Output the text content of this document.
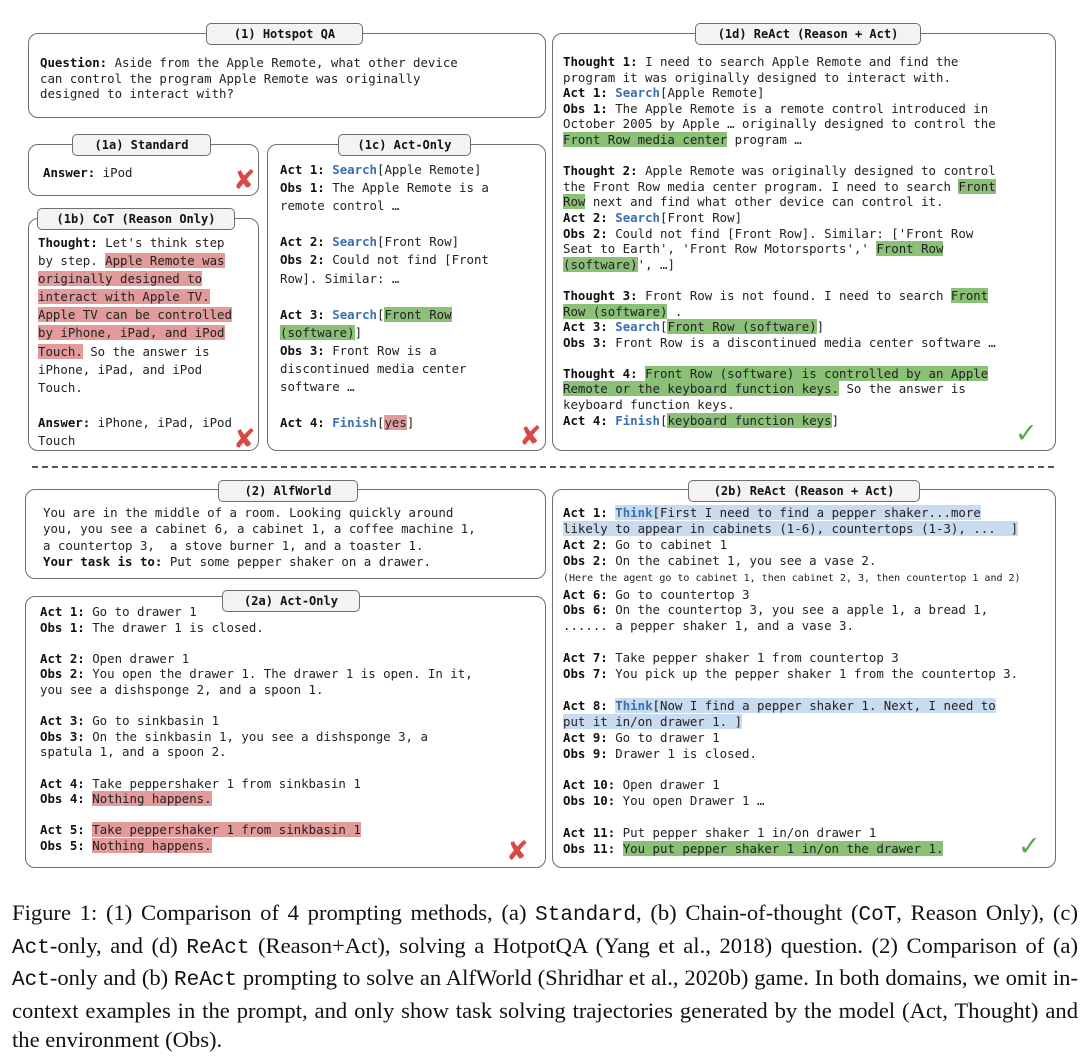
(1) Hotspot QA
Question: Aside from the Apple Remote, what other device
can control the program Apple Remote was originally
designed to interact with?
(1a) Standard
Answer: iPod	✘
(1b) CoT (Reason Only)
Thought: Let's think step
by step. Apple Remote was
originally designed to
interact with Apple TV.
Apple TV can be controlled
by iPhone, iPad, and iPod
Touch. So the answer is
iPhone, iPad, and iPod
Touch.
Answer: iPhone, iPad, iPod
Touch	✘
(1c) Act-Only
Act 1: Search[Apple Remote]
Obs 1: The Apple Remote is a
remote control …

Act 2: Search[Front Row]
Obs 2: Could not find [Front
Row]. Similar: …

Act 3: Search[Front Row
(software)]
Obs 3: Front Row is a
discontinued media center
software …

Act 4: Finish[yes]	✘
(1d) ReAct (Reason + Act)
Thought 1: I need to search Apple Remote and find the
program it was originally designed to interact with.
Act 1: Search[Apple Remote]
Obs 1: The Apple Remote is a remote control introduced in
October 2005 by Apple … originally designed to control the
Front Row media center program …

Thought 2: Apple Remote was originally designed to control
the Front Row media center program. I need to search Front
Row next and find what other device can control it.
Act 2: Search[Front Row]
Obs 2: Could not find [Front Row]. Similar: ['Front Row
Seat to Earth', 'Front Row Motorsports',' Front Row
(software)', …]

Thought 3: Front Row is not found. I need to search Front
Row (software) .
Act 3: Search[Front Row (software)]
Obs 3: Front Row is a discontinued media center software …

Thought 4: Front Row (software) is controlled by an Apple
Remote or the keyboard function keys. So the answer is
keyboard function keys.
Act 4: Finish[keyboard function keys]	✓
(2) AlfWorld
You are in the middle of a room. Looking quickly around
you, you see a cabinet 6, a cabinet 1, a coffee machine 1,
a countertop 3,  a stove burner 1, and a toaster 1.
Your task is to: Put some pepper shaker on a drawer.
(2a) Act-Only
Act 1: Go to drawer 1
Obs 1: The drawer 1 is closed.

Act 2: Open drawer 1
Obs 2: You open the drawer 1. The drawer 1 is open. In it,
you see a dishsponge 2, and a spoon 1.

Act 3: Go to sinkbasin 1
Obs 3: On the sinkbasin 1, you see a dishsponge 3, a
spatula 1, and a spoon 2.

Act 4: Take peppershaker 1 from sinkbasin 1
Obs 4: Nothing happens.

Act 5: Take peppershaker 1 from sinkbasin 1
Obs 5: Nothing happens.	✘
(2b) ReAct (Reason + Act)
Act 1: Think[First I need to find a pepper shaker...more
likely to appear in cabinets (1-6), countertops (1-3), ...  ]
Act 2: Go to cabinet 1
Obs 2: On the cabinet 1, you see a vase 2.
(Here the agent go to cabinet 1, then cabinet 2, 3, then countertop 1 and 2)
Act 6: Go to countertop 3
Obs 6: On the countertop 3, you see a apple 1, a bread 1,
...... a pepper shaker 1, and a vase 3.

Act 7: Take pepper shaker 1 from countertop 3
Obs 7: You pick up the pepper shaker 1 from the countertop 3.

Act 8: Think[Now I find a pepper shaker 1. Next, I need to
put it in/on drawer 1. ]
Act 9: Go to drawer 1
Obs 9: Drawer 1 is closed.

Act 10: Open drawer 1
Obs 10: You open Drawer 1 …

Act 11: Put pepper shaker 1 in/on drawer 1
Obs 11: You put pepper shaker 1 in/on the drawer 1.	✓
Figure 1: (1) Comparison of 4 prompting methods, (a) Standard, (b) Chain-of-thought (CoT, Reason Only), (c) Act-only, and (d) ReAct (Reason+Act), solving a HotpotQA (Yang et al., 2018) question. (2) Comparison of (a) Act-only and (b) ReAct prompting to solve an AlfWorld (Shridhar et al., 2020b) game. In both domains, we omit in-context examples in the prompt, and only show task solving trajectories generated by the model (Act, Thought) and the environment (Obs).
